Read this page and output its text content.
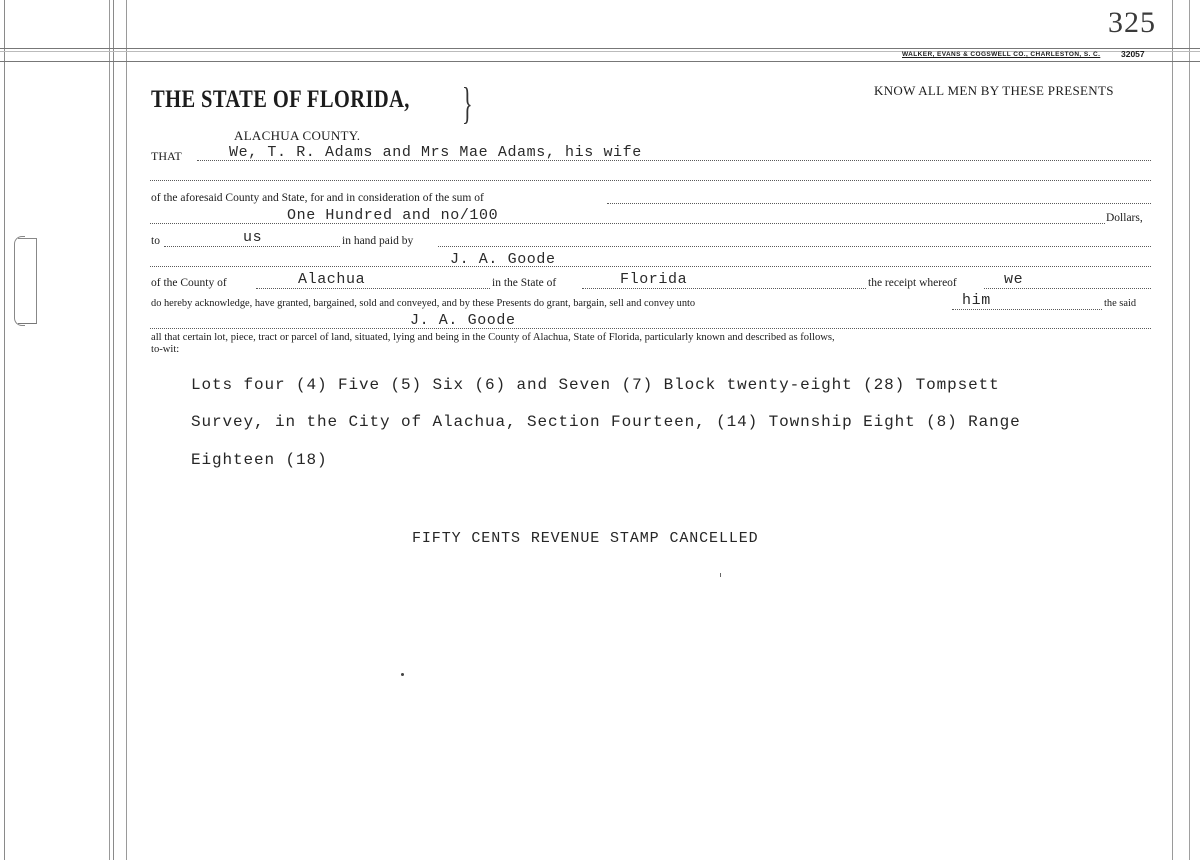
325
WALKER, EVANS & COGSWELL CO., CHARLESTON, S. C. 32057
THE STATE OF FLORIDA, }
ALACHUA COUNTY.
KNOW ALL MEN BY THESE PRESENTS
THAT	We, T. R. Adams and Mrs Mae Adams, his wife
of the aforesaid County and State, for and in consideration of the sum of
One Hundred and no/100	Dollars,
to	us	in hand paid by
J. A. Goode
of the County of	Alachua	in the State of	Florida	the receipt whereof	we
do hereby acknowledge, have granted, bargained, sold and conveyed, and by these Presents do grant, bargain, sell and convey unto	him	the said
J. A. Goode
all that certain lot, piece, tract or parcel of land, situated, lying and being in the County of Alachua, State of Florida, particularly known and described as follows,
to-wit:
Lots four (4) Five (5) Six (6) and Seven (7) Block twenty-eight (28) Tompsett
Survey, in the City of Alachua, Section Fourteen, (14) Township Eight (8) Range
Eighteen (18)
FIFTY CENTS REVENUE STAMP CANCELLED
